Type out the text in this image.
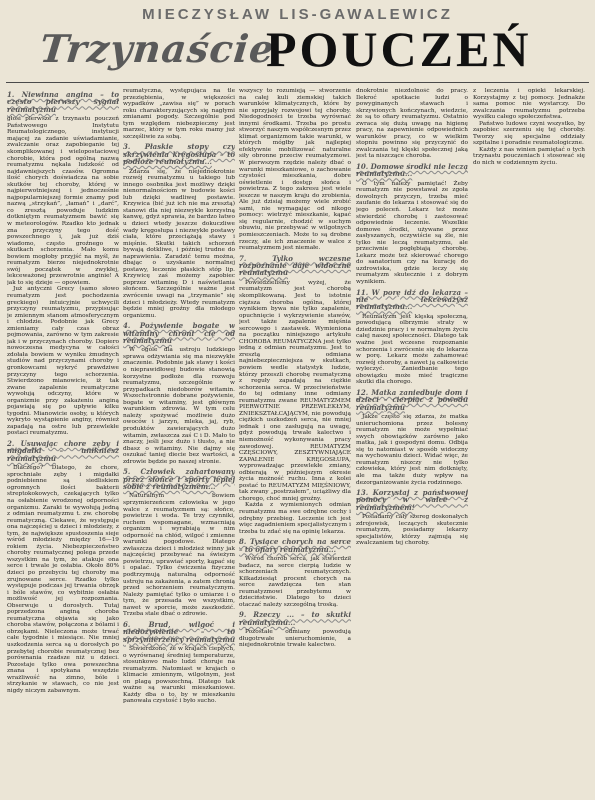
MIECZYSŁAW LIS-GAWALEWICZ
Trzynaście
POUCZEŃ
1. Niewinna angina – to często pierwszy sygnał reumatyzmu

głosi pierwsze z trzynastu pouczeń Państwowego Instytutu Reumatologicznego, instytucji mającej za zadanie uświadamianie, zwalczanie oraz zapobieganie tej skomplikowanej i wielopostaciowej chorobie, która pod ogólną nazwą reumatyzmu nękała ludzkość od najdawniejszych czasów. Ogromna ilość chorych doświadcza na sobie skutków tej choroby, której w najpierwotniejszej i jednocześnie najpopularniejszej formie znamy pod nazwą „strzykań”, „łamań” i „darć”, co zresztą powoduje ludzkim dotkniętym reumatyzmem bawić się w meteorologów. Rzadko kto jednak zna przyczyny tego dość powszechnego i, jak już dziś wiadomo, często groźnego w skutkach schorzenia. Mało komu bowiem mogłoby przyjść na myśl, że reumatyzm bierze niejednokrotnie swój początek w zwykłej, lekceważonej przewrotnie anginie! A jak to się dzieje — opowiem.

Już antyczni Grecy (samo słowo reumatyzm jest pochodzenia greckiego) intuicyjnie uchwycili przyczyny reumatyzmu, przypisując je zmiennym stanom atmosferycznym i chłodzie. Podobnie jak Grecy zmieniamy cały czas obraz pojmowania, zarówno w tym zakresie jak i w przyczynach choroby. Dopiero nowoczesna medycyna w całości zdołała bowiem w wyniku żmudnych studiów nad przyczynami choroby i gronkowcami wykryć prawdziwe przyczyny tego schorzenia. Stwierdzono mianowicie, iż tak zwane zapalenie reumatyczne wywołują odczyny, które w organizmie przy zakażeniu anginą pojawiają się po upływie kilku tygodni. Mianowicie osoby, u których wykryto wystąpienie anginy, również zapadają na ostre lub przewlekłe postaci reumatyzmu.

2. Usuwając chore zęby i migdałki – unikniesz reumatyzmu

Dlaczego? Dlatego, że chore, sprochniałe zęby i migdałki podniebienne są siedliskiem ogromnych ilości bakterii streptokokowych, czekających tylko na osłabienie wrodzonej odporności organizmu. Zaraki te wywołują jedną z odmian reumatyzmu t. zw. chorobę reumatyczną. Ciekawe, że występuje ona najczęściej u dzieci i młodzieży, z tym, że największe spustoszenia sieje wśród młodzieży między 16—19 rokiem życia. Niebezpieczeństwo choroby reumatycznej polega przede wszystkim na tym, że atakuje ona serce i trwale je osłabia. Około 80% dzieci po przebyciu tej choroby ma zrujnowane serce. Rzadko tylko występuje podczas jej trwania obrzęk i bóle stawów, co wybitnie osłabia możliwość jej rozpoznania. Obserwuje u dorosłych. Tutaj poprzedzona anginą choroba reumatyczna objawia się jako choroba stawów, połączona z bólami i obrzękami. Nieleczona może trwać całe tygodnie i miesiące. Nie mniej uszkodzenia serca są u dorosłych po przebytej chorobie reumatycznej bez porównania rzadsze niż u dzieci. Pozostaje tylko owa powszechna znana i spotykana wszędzie wrażliwość na zimno, bóle i strzykanie w stawach, co nie jest nigdy niczym zabawnym.

reumatyczna, występująca na tle przeziębienia, w większości wypadków „zawisa się” w porach roku charakteryzujących się nagłymi zmianami pogody. Szczególnie pod tym względem niebezpieczny jest marzec, który w tym roku mamy już szczęśliwie za sobą.

3. Płaskie stopy czy skrzywienia kręgosłupa – to podłoże reumatyzmu...

Zdarza się, że niejednokrotnie rozwój reumatyzmu u takiego lub innego osobnika jest możliwy dzięki nienormalnościom w budowie kości lub dzięki wadliwej postawie. Krzywica (bić już ich nie ma zresztą) stanowi dla niej niezwykle korzystną kanwę, gdyż sprawia, że bardzo łatwo u dzieci wtedy jeszcze dokuczliwe wady kręgosłupa i niezwykłe postawy ciała, które przeciążają stawy i mięśnie. Skutki takich schorzeń bywają dotkliwe, i później trudne do naprawienia. Zaradzić temu można, dbając o uzyskanie normalnej postawy, leczenie płaskich stóp lip. Krzywicę zaś możemy zapobiec poprzez witaminę D i naświetlania słońcem. Szczególnie ważne jest zwrócenie uwagi na „trzymanie” się dzieci i młodzieży. Wtedy reumatyzm będzie mniej groźny dla młodego organizmu.

4. Pożywienie bogate w witaminy chroni cię od reumatyzmu

W ogóle dla ustroju ludzkiego sprawa odżywiania się ma niezwykłe znaczenie. Podobnie jak stawy i kości o nieprawidłowej budowie stanowią korzystne podłoże dla rozwoju reumatyzmu, szczególnie w przypadkach niedoborów witamin. Wszechstronnie dobrane pożywienie, bogate w witaminy, jest głównym warunkiem zdrowia. W tym celu należy spożywać możliwie dużo owoców i jarzyn, mleka, jaj, ryb, produktów zawierających dużo witamin, zwłaszcza zaś C i D. Mało to znaczy, jeśli jesz dużo i tłusto, a nie dbasz o witaminy. Nie dajmy się oszukać taniej diecie bez wartości, a zdrowie będzie po naszej stronie.

5. Człowiek zahartowany przez słońce i sporty lepiej sobie z reumatyzmem...

Naturalnym bowiem sprzymierzeńcem człowieka w jego walce z reumatyzmem są: słońce, powietrze i woda. Te trzy czynniki, ruchem wspomagane, wzmacniają organizm i wyrabiają w nim odporność na chłód, wilgoć i zmienne warunki pogodowe. Dlatego zwłaszcza dzieci i młodzież winny jak najczęściej przebywać na świeżym powietrzu, uprawiać sporty, kąpać się i opalać. Tylko ćwiczenia fizyczne podtrzymują naturalną odporność ustroju na zakażenia, a zatem chronią przed schorzeniem reumatycznym. Należy pamiętać tylko o umiarze i o tym, że przesada we wszystkim, nawet w sporcie, może zaszkodzić. Trzeba stale dbać o zdrowie.

6. Brud, wilgoć i niedożywienie – to sprzymierzeńcy reumatyzmu

Stwierdzono, że w krajach ciepłych, o wyrównanej średniej temperaturze, stosunkowo mało ludzi choruje na reumatyzm. Natomiast w krajach o klimacie zmiennym, wilgotnym, jest on plagą powszechną. Dlatego tak ważne są warunki mieszkaniowe. Każdy dba o to, by w mieszkaniu panowała czystość i było sucho.

wszyscy to rozumieją — stworzenie na całej kuli ziemskiej takich warunków klimatycznych, które by nie sprzyjały rozwojowi tej choroby. Niedogodności te trzeba wyrównać innymi środkami. Trzeba po prostu stworzyć naszym współczesnym przez klimat organizmom takie warunki, w których mógłby jak najlepiej efektywnie mobilizować naturalne siły obronne przeciw reumatyzmowi. W pierwszym rzędzie należy dbać o warunki mieszkaniowe, o zachowanie czystości mieszkania, dobre oświetlenie i dostęp słońca i powietrza. Z tego zakresu jest wiele jeszcze w naszym kraju do zrobienia. Ale już dzisiaj możemy wiele zrobić sami, nie wymagając od nikogo pomocy: wietrzyć mieszkanie, kąpać się regularnie, chodzić w suchym obuwiu, nie przebywać w wilgotnych pomieszczeniach. Może to są drobne rzeczy, ale ich znaczenie w walce z reumatyzmem jest niemałe.

7. Tylko wczesne rozpoznanie daje widoczne reumatyzmu

Powiedzieliśmy wyżej, że reumatyzm jest chorobą skomplikowaną. Jest to istotnie cięższa choroba ogólna, której wynikiem bywa nie tylko zapalenie, opuchnięcie i wykrzywienie stawów, jest także zapalenie mięśnia sercowego i zastawek. Wymieniona na początku niniejszego artykułu CHOROBA REUMATYCZNA jest tylko jedną z odmian reumatyzmu. Jest to zresztą odmiana najniebezpieczniejsza w skutkach, powiem wedle statystyk ludzie, którzy przeszli chorobę reumatyczną z reguły zapadają na ciężkie schorzenia serca. W przeciwieństwie do tej odmiany inne odmiany reumatyzmu zwane REUMATYZMEM PIERWOTNIE PRZEWLEKŁYM, ZNIEKSZTAŁCAJĄCYM, nie powodują ciężkich uszkodzeń serca, nie mniej jednak i one zasługują na uwagę, gdyż powodują trwałe kalectwo i niemożność wykonywania pracy zawodowej. REUMATYZM CZĘŚCIOWY, ZESZTYWNIAJĄCE ZAPALENIE KRĘGOSŁUPA, wyprowadzając przewlekłe zmiany, odbierają w późniejszym okresie życia możność ruchu. Inna z kolei postać to REUMATYZM MIĘŚNIOWY, tak zwany „postrzałem”, uciążliwy dla chorego, choć mniej groźny.

Każda z wymienionych odmian reumatyzmu ma swe odrębne cechy i odrębny przebieg. Leczenie ich jest więc zagadnieniem specjalistycznym i trzeba tu zdać się na opinię lekarza.

8. Tysiące chorych na serce – to ofiary reumatyzmu...

Wśród chorób serca, jak stwierdził badacz, na serce cierpią ludzie w schorzeniach reumatycznych. Kilkadziesiąt procent chorych na serce zawdzięcza ten stan reumatyzmowi przebytemu w dzieciństwie. Dlatego to dzieci otaczać należy szczególną troską.

9. Rzeczy ... – to skutki reumatyzmu...

Pozostałe odmiany powodują długotrwałe unieruchomienie, a niejednokrotnie trwałe kalectwo.

dnokrotnie niezdolność do pracy. Ilekroć spotkacie ludzi o powyginanych stawach i skrzywionych kończynach, wiedzcie, że są to ofiary reumatyzmu. Ostatnio zwraca się dużą uwagę na higienę pracy, na zapewnienie odpowiednich warunków pracy, co w wielkim stopniu powinno się przyczynić do zwalczania tej klęski społecznej jaką jest ta niszczące choroba.

10. Domowe środki nie leczą reumatyzmu...

O tym należy pamiętać! Żeby reumatyzm nie powstawał ze zgoła dowolnych przyczyn, trzeba mieć zaufanie do lekarza i stosować się do jego poleceń. Lekarz też może stwierdzić chorobę i zastosować odpowiednie leczenie. Wszelkie domowe środki, używane przez zasłyszanych, oczywiście są źle, nie tylko nie leczą reumatyzmu, ale przeciwnie pogłębiają chorobę. Lekarz może też skierować chorego do sanatorium czy na kurację do uzdrowiska, gdzie leczy się reumatyzm skutecznie i z dobrym wynikiem.

11. W porę idź do lekarza – nie lekceważysz reumatyzmu...

Reumatyzm jest klęską społeczną, powodującą olbrzymie straty w dziedzinie pracy i w normalnym życiu całej naszej społeczności. Dlatego tak ważne jest wczesne rozpoznanie schorzenia i zwrócenie się do lekarza w porę. Lekarz może zahamować rozwój choroby, a nawet ją całkowicie wyleczyć. Zaniedbanie tego obowiązku może mieć tragiczne skutki dla chorego.

12. Matka zaniedbuje dom i dzieci – cierpiąc z powodu reumatyzmu

Jakże często się zdarza, że matka unieruchomiona przez bolesny reumatyzm nie może wypełniać swych obowiązków zarówno jako matka, jak i gospodyni domu. Odbija się to natomiast w sposób widoczny na wychowaniu dzieci. Widać więc, że reumatyzm niszczy nie tylko człowieka, który jest nim dotknięty, ale ma także duży wpływ na dezorganizowanie życia rodzinnego.

13. Korzystaj z państwowej pomocy w walce z reumatyzmem!

Posiadamy cały szereg doskonałych zdrojowisk, leczących skutecznie reumatyzm, posiadamy lekarzy specjalistów, którzy zajmują się zwalczaniem tej choroby.

z leczenia i opieki lekarskiej. Korzystajmy z tej pomocy. Jednakże sama pomoc nie wystarczy. Do zwalczania reumatyzmu potrzeba wysiłku całego społeczeństwa.

Państwo ludowe czyni wszystko, by zapobiec szerzeniu się tej choroby. Tworzy się specjalne oddziały szpitalne i poradnie reumatologiczne.

Każdy z nas winien pamiętać o tych trzynastu pouczeniach i stosować się do nich w codziennym życiu.
